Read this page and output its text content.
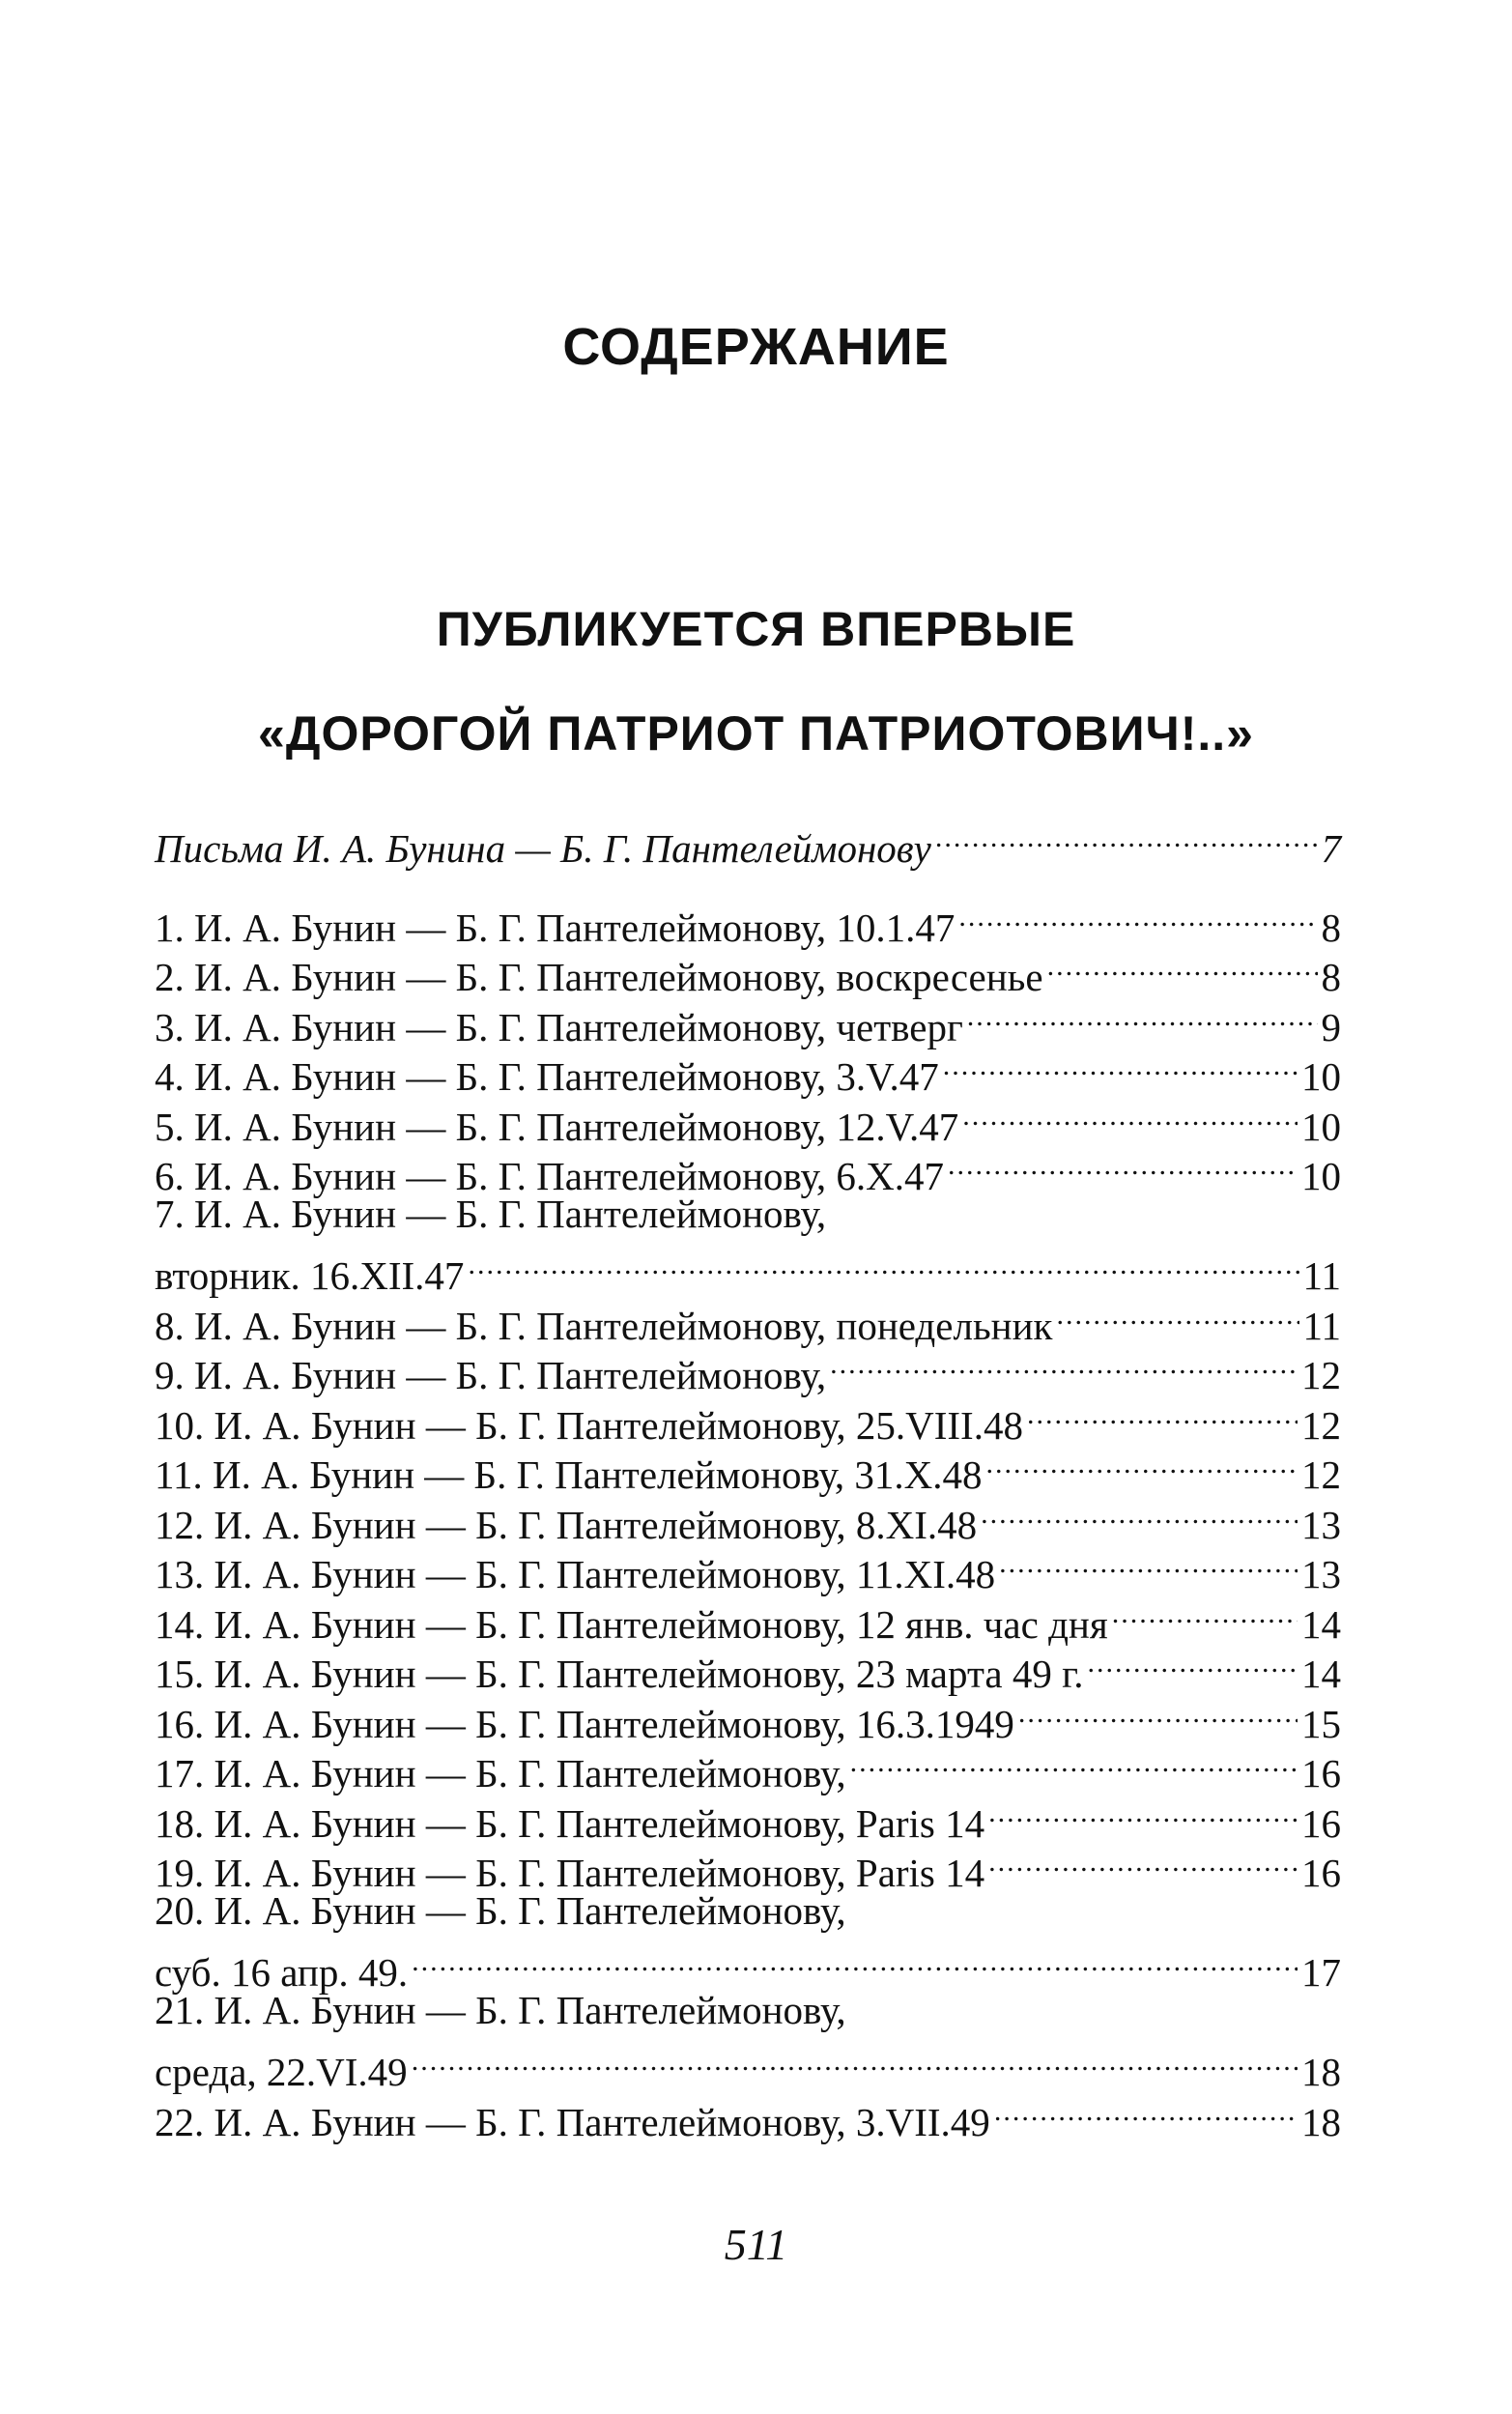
СОДЕРЖАНИЕ
ПУБЛИКУЕТСЯ ВПЕРВЫЕ
«ДОРОГОЙ ПАТРИОТ ПАТРИОТОВИЧ!..»
Письма И. А. Бунина — Б. Г. Пантелеймонову .....	7
1. И. А. Бунин — Б. Г. Пантелеймонову, 10.1.47 .....	8
2. И. А. Бунин — Б. Г. Пантелеймонову, воскресенье .....	8
3. И. А. Бунин — Б. Г. Пантелеймонову, четверг .....	9
4. И. А. Бунин — Б. Г. Пантелеймонову, 3.V.47 .....	10
5. И. А. Бунин — Б. Г. Пантелеймонову, 12.V.47 .....	10
6. И. А. Бунин — Б. Г. Пантелеймонову, 6.X.47 .....	10
7. И. А. Бунин — Б. Г. Пантелеймонову,
вторник. 16.XII.47 .....	11
8. И. А. Бунин — Б. Г. Пантелеймонову, понедельник .....	11
9. И. А. Бунин — Б. Г. Пантелеймонову, .....	12
10. И. А. Бунин — Б. Г. Пантелеймонову, 25.VIII.48 .....	12
11. И. А. Бунин — Б. Г. Пантелеймонову, 31.X.48 .....	12
12. И. А. Бунин — Б. Г. Пантелеймонову, 8.XI.48 .....	13
13. И. А. Бунин — Б. Г. Пантелеймонову, 11.XI.48 .....	13
14. И. А. Бунин — Б. Г. Пантелеймонову, 12 янв. час дня .....	14
15. И. А. Бунин — Б. Г. Пантелеймонову, 23 марта 49 г. .....	14
16. И. А. Бунин — Б. Г. Пантелеймонову, 16.3.1949 .....	15
17. И. А. Бунин — Б. Г. Пантелеймонову, .....	16
18. И. А. Бунин — Б. Г. Пантелеймонову, Paris 14 .....	16
19. И. А. Бунин — Б. Г. Пантелеймонову, Paris 14 .....	16
20. И. А. Бунин — Б. Г. Пантелеймонову,
суб. 16 апр. 49. .....	17
21. И. А. Бунин — Б. Г. Пантелеймонову,
среда, 22.VI.49 .....	18
22. И. А. Бунин — Б. Г. Пантелеймонову, 3.VII.49 .....	18
511
